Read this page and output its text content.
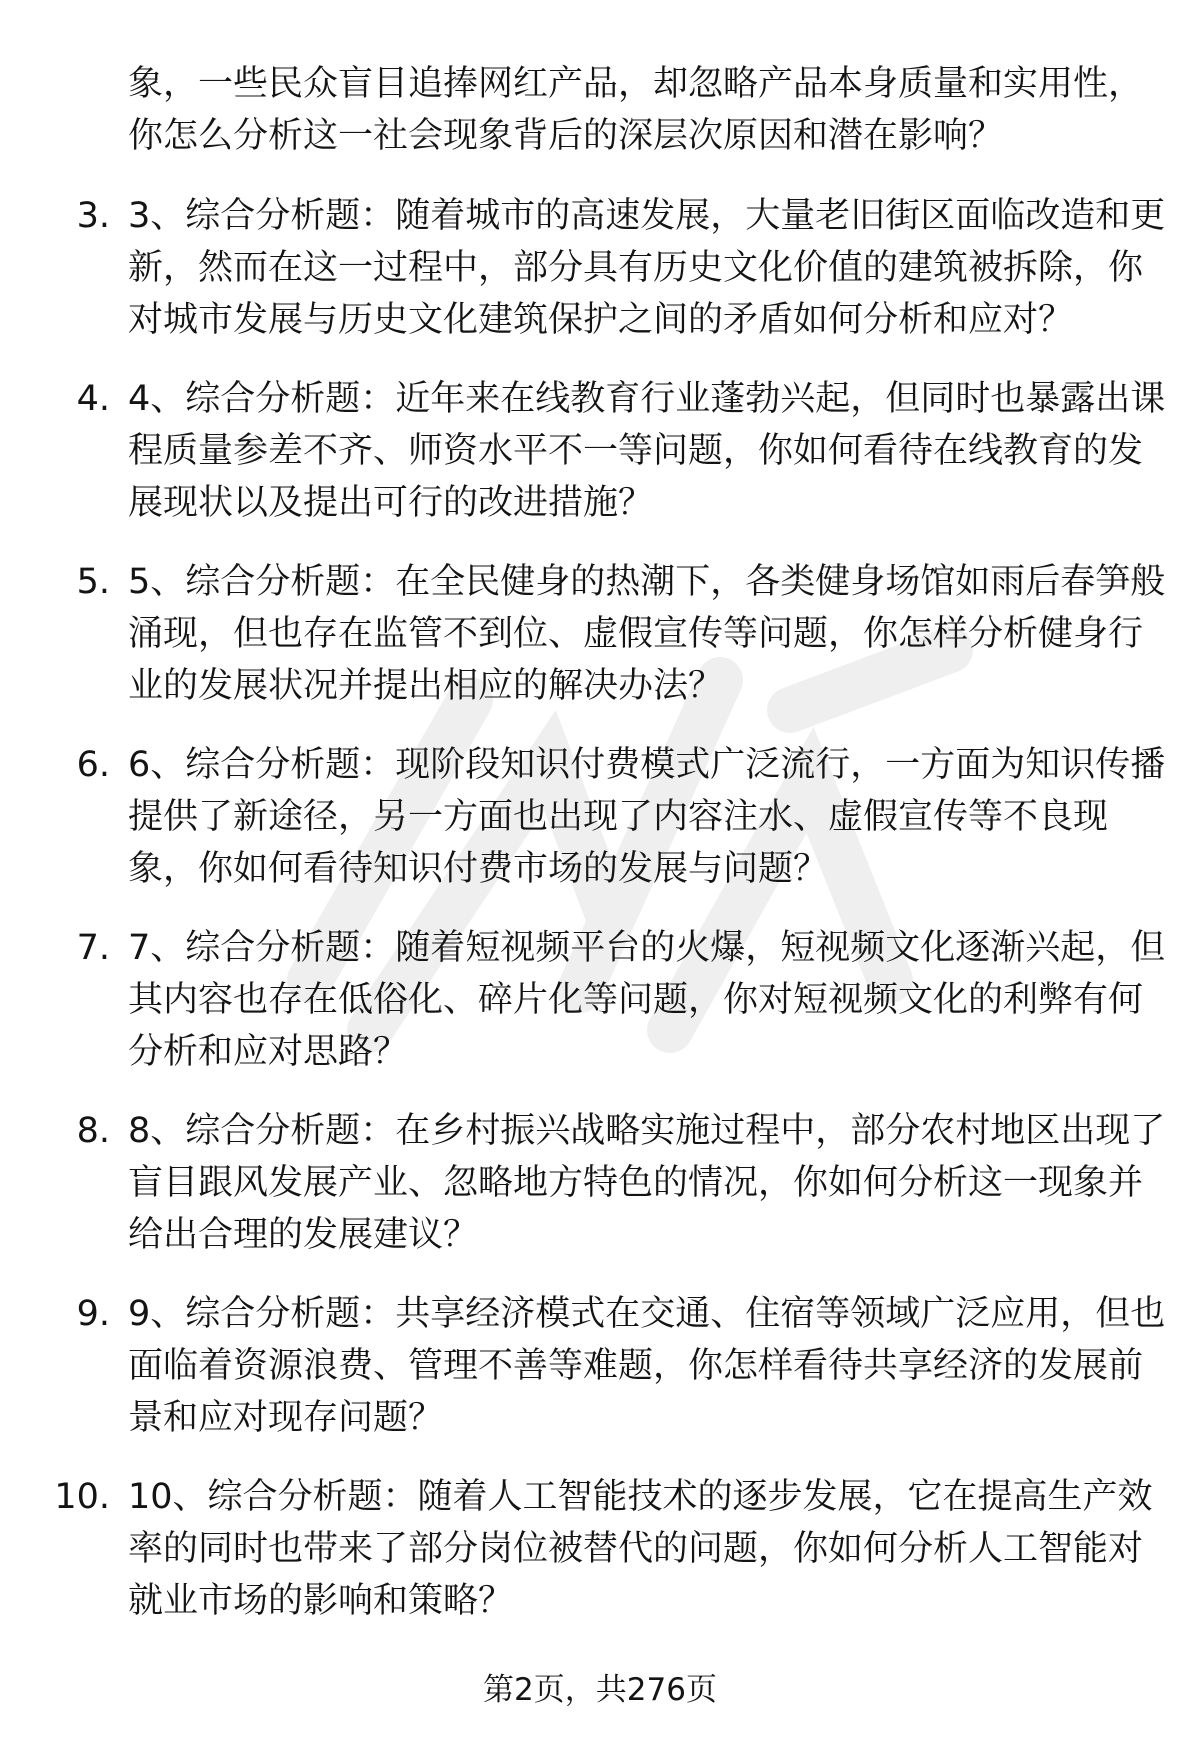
象，一些民众盲目追捧网红产品，却忽略产品本身质量和实用性，你怎么分析这一社会现象背后的深层次原因和潜在影响？

3. 3、综合分析题：随着城市的高速发展，大量老旧街区面临改造和更新，然而在这一过程中，部分具有历史文化价值的建筑被拆除，你对城市发展与历史文化建筑保护之间的矛盾如何分析和应对？

4. 4、综合分析题：近年来在线教育行业蓬勃兴起，但同时也暴露出课程质量参差不齐、师资水平不一等问题，你如何看待在线教育的发展现状以及提出可行的改进措施？

5. 5、综合分析题：在全民健身的热潮下，各类健身场馆如雨后春笋般涌现，但也存在监管不到位、虚假宣传等问题，你怎样分析健身行业的发展状况并提出相应的解决办法？

6. 6、综合分析题：现阶段知识付费模式广泛流行，一方面为知识传播提供了新途径，另一方面也出现了内容注水、虚假宣传等不良现象，你如何看待知识付费市场的发展与问题？

7. 7、综合分析题：随着短视频平台的火爆，短视频文化逐渐兴起，但其内容也存在低俗化、碎片化等问题，你对短视频文化的利弊有何分析和应对思路？

8. 8、综合分析题：在乡村振兴战略实施过程中，部分农村地区出现了盲目跟风发展产业、忽略地方特色的情况，你如何分析这一现象并给出合理的发展建议？

9. 9、综合分析题：共享经济模式在交通、住宿等领域广泛应用，但也面临着资源浪费、管理不善等难题，你怎样看待共享经济的发展前景和应对现存问题？

10. 10、综合分析题：随着人工智能技术的逐步发展，它在提高生产效率的同时也带来了部分岗位被替代的问题，你如何分析人工智能对就业市场的影响和策略？

第2页，共276页
